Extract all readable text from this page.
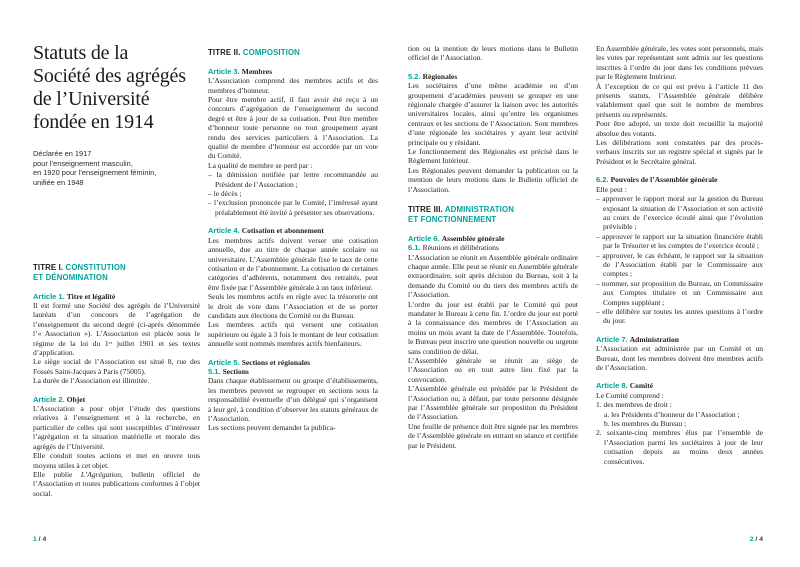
Statuts de la
Société des agrégés
de l’Université
fondée en 1914
Déclarée en 1917
pour l’enseignement masculin,
en 1920 pour l’enseignement féminin,
unifiée en 1948
TITRE I. CONSTITUTION
ET DÉNOMINATION
Article 1. Titre et légalité
Il est formé une Société des agrégés de l’Université lauréats d’un concours de l’agrégation de l’enseignement du second degré (ci-après dénommée l’« Association »). L’Association est placée sous le régime de la loi du 1ᵉʳ juillet 1901 et ses textes d’application.
Le siège social de l’Association est situé 8, rue des Fossés Saint-Jacques à Paris (75005).
La durée de l’Association est illimitée.
Article 2. Objet
L’Association a pour objet l’étude des questions relatives à l’enseignement et à la recherche, en particulier de celles qui sont susceptibles d’intéresser l’agrégation et la situation matérielle et morale des agrégés de l’Université.
Elle conduit toutes actions et met en œuvre tous moyens utiles à cet objet.
Elle publie L’Agrégation, bulletin officiel de l’Association et toutes publications conformes à l’objet social.
TITRE II. COMPOSITION
Article 3. Membres
L’Association comprend des membres actifs et des membres d’honneur.
Pour être membre actif, il faut avoir été reçu à un concours d’agrégation de l’enseignement du second degré et être à jour de sa cotisation. Peut être membre d’honneur toute personne ou tout groupement ayant rendu des services particuliers à l’Association. La qualité de membre d’honneur est accordée par un vote du Comité.
La qualité de membre se perd par :
– la démission notifiée par lettre recommandée au Président de l’Association ;
– le décès ;
– l’exclusion prononcée par le Comité, l’intéressé ayant préalablement été invité à présenter ses observations.
Article 4. Cotisation et abonnement
Les membres actifs doivent verser une cotisation annuelle, due au titre de chaque année scolaire ou universitaire. L’Assemblée générale fixe le taux de cette cotisation et de l’abonnement. La cotisation de certaines catégories d’adhérents, notamment des retraités, peut être fixée par l’Assemblée générale à un taux inférieur.
Seuls les membres actifs en règle avec la trésorerie ont le droit de vote dans l’Association et de se porter candidats aux élections du Comité ou du Bureau.
Les membres actifs qui versent une cotisation supérieure ou égale à 3 fois le montant de leur cotisation annuelle sont nommés membres actifs bienfaiteurs.
Article 5. Sections et régionales
5.1. Sections
Dans chaque établissement ou groupe d’établissements, les membres peuvent se regrouper en sections sous la responsabilité éventuelle d’un délégué qui s’organisent à leur gré, à condition d’observer les statuts généraux de l’Association.
Les sections peuvent demander la publica-
tion ou la mention de leurs motions dans le Bulletin officiel de l’Association.
5.2. Régionales
Les sociétaires d’une même académie ou d’un groupement d’académies peuvent se grouper en une régionale chargée d’assurer la liaison avec les autorités universitaires locales, ainsi qu’entre les organismes centraux et les sections de l’Association. Sont membres d’une régionale les sociétaires y ayant leur activité principale ou y résidant.
Le fonctionnement des Régionales est précisé dans le Règlement Intérieur.
Les Régionales peuvent demander la publication ou la mention de leurs motions dans le Bulletin officiel de l’Association.
TITRE III. ADMINISTRATION
ET FONCTIONNEMENT
Article 6. Assemblée générale
6.1. Réunions et délibérations
L’Association se réunit en Assemblée générale ordinaire chaque année. Elle peut se réunir en Assemblée générale extraordinaire, soit après décision du Bureau, soit à la demande du Comité ou du tiers des membres actifs de l’Association.
L’ordre du jour est établi par le Comité qui peut mandater le Bureau à cette fin. L’ordre du jour est porté à la connaissance des membres de l’Association au moins un mois avant la date de l’Assemblée. Toutefois, le Bureau peut inscrire une question nouvelle ou urgente sans condition de délai.
L’Assemblée générale se réunit au siège de l’Association ou en tout autre lieu fixé par la convocation.
L’Assemblée générale est présidée par le Président de l’Association ou, à défaut, par toute personne désignée par l’Assemblée générale sur proposition du Président de l’Association.
Une feuille de présence doit être signée par les membres de l’Assemblée générale en entrant en séance et certifiée par le Président.
En Assemblée générale, les votes sont personnels, mais les votes par représentant sont admis sur les questions inscrites à l’ordre du jour dans les conditions prévues par le Règlement Intérieur.
À l’exception de ce qui est prévu à l’article 11 des présents statuts, l’Assemblée générale délibère valablement quel que soit le nombre de membres présents ou représentés.
Pour être adopté, un texte doit recueillir la majorité absolue des votants.
Les délibérations sont constatées par des procès-verbaux inscrits sur un registre spécial et signés par le Président et le Secrétaire général.
6.2. Pouvoirs de l’Assemblée générale
Elle peut :
– approuver le rapport moral sur la gestion du Bureau exposant la situation de l’Association et son activité au cours de l’exercice écoulé ainsi que l’évolution prévisible ;
– approuver le rapport sur la situation financière établi par le Trésorier et les comptes de l’exercice écoulé ;
– approuver, le cas échéant, le rapport sur la situation de l’Association établi par le Commissaire aux comptes ;
– nommer, sur proposition du Bureau, un Commissaire aux Comptes titulaire et un Commissaire aux Comptes suppléant ;
– elle délibère sur toutes les autres questions à l’ordre du jour.
Article 7. Administration
L’Association est administrée par un Comité et un Bureau, dont les membres doivent être membres actifs de l’Association.
Article 8. Comité
Le Comité comprend :
1. des membres de droit :
a. les Présidents d’honneur de l’Association ;
b. les membres du Bureau ;
2. soixante-cinq membres élus par l’ensemble de l’Association parmi les sociétaires à jour de leur cotisation depuis au moins deux années consécutives.
1 / 4	2 / 4
